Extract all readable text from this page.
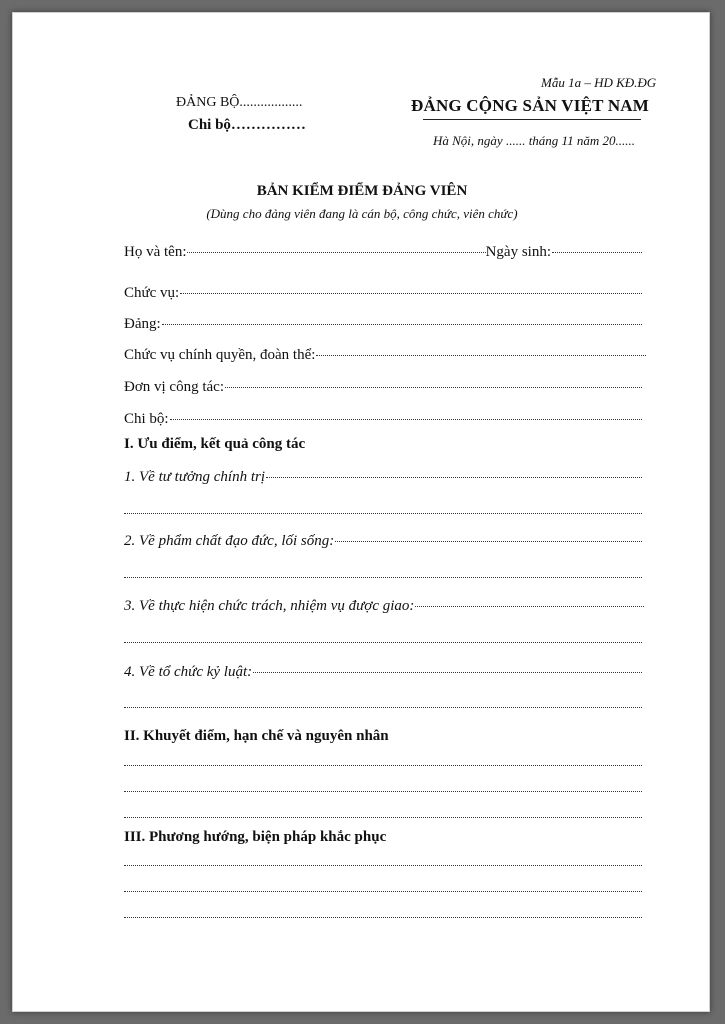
Mẫu 1a – HD KĐ.ĐG
ĐẢNG BỘ..................
Chi bộ……………
ĐẢNG CỘNG SẢN VIỆT NAM
Hà Nội, ngày ...... tháng 11 năm 20......
BẢN KIỂM ĐIỂM ĐẢNG VIÊN
(Dùng cho đảng viên đang là cán bộ, công chức, viên chức)
Họ và tên:	Ngày sinh:
Chức vụ:
Đảng:
Chức vụ chính quyền, đoàn thể:
Đơn vị công tác:
Chi bộ:
I. Ưu điểm, kết quả công tác
1. Về tư tưởng chính trị
2. Về phẩm chất đạo đức, lối sống:
3. Về thực hiện chức trách, nhiệm vụ được giao:
4. Về tổ chức kỷ luật:
II. Khuyết điểm, hạn chế và nguyên nhân
III. Phương hướng, biện pháp khắc phục
